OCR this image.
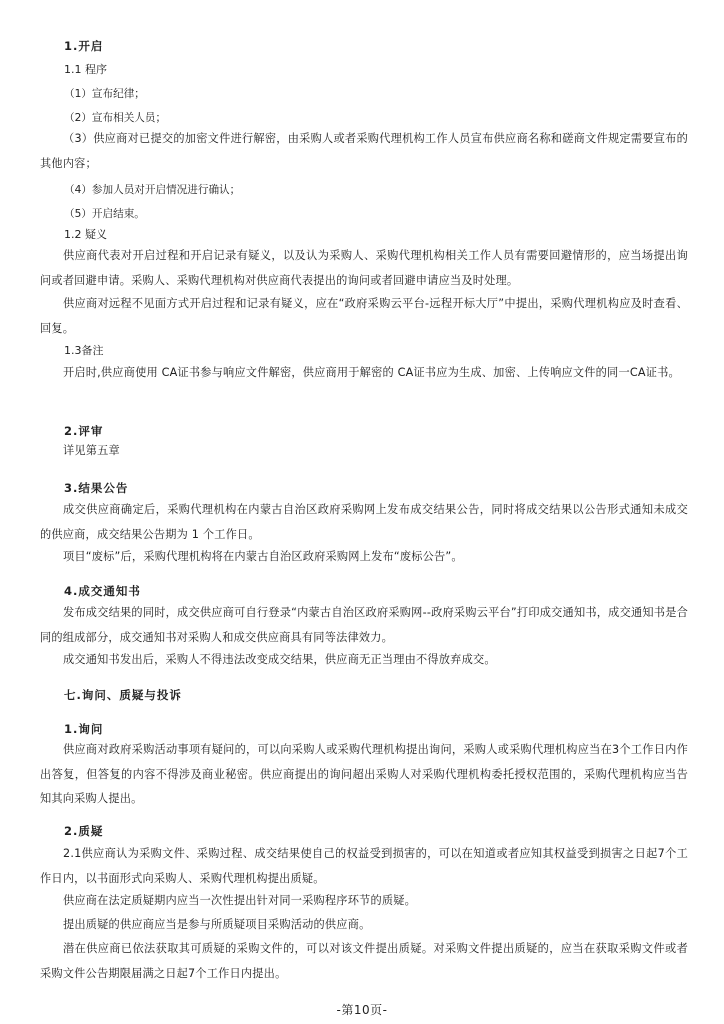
1.开启
1.1 程序
（1）宣布纪律；
（2）宣布相关人员；
（3）供应商对已提交的加密文件进行解密，由采购人或者采购代理机构工作人员宣布供应商名称和磋商文件规定需要宣布的其他内容；
（4）参加人员对开启情况进行确认；
（5）开启结束。
1.2 疑义
供应商代表对开启过程和开启记录有疑义，以及认为采购人、采购代理机构相关工作人员有需要回避情形的，应当场提出询问或者回避申请。采购人、采购代理机构对供应商代表提出的询问或者回避申请应当及时处理。
供应商对远程不见面方式开启过程和记录有疑义，应在“政府采购云平台-远程开标大厅”中提出，采购代理机构应及时查看、回复。
1.3备注
开启时,供应商使用 CA证书参与响应文件解密，供应商用于解密的 CA证书应为生成、加密、上传响应文件的同一CA证书。
2.评审
详见第五章
3.结果公告
成交供应商确定后，采购代理机构在内蒙古自治区政府采购网上发布成交结果公告，同时将成交结果以公告形式通知未成交的供应商，成交结果公告期为 1 个工作日。
项目“废标”后，采购代理机构将在内蒙古自治区政府采购网上发布“废标公告”。
4.成交通知书
发布成交结果的同时，成交供应商可自行登录“内蒙古自治区政府采购网--政府采购云平台”打印成交通知书，成交通知书是合同的组成部分，成交通知书对采购人和成交供应商具有同等法律效力。
成交通知书发出后，采购人不得违法改变成交结果，供应商无正当理由不得放弃成交。
七.询问、质疑与投诉
1.询问
供应商对政府采购活动事项有疑问的，可以向采购人或采购代理机构提出询问，采购人或采购代理机构应当在3个工作日内作出答复，但答复的内容不得涉及商业秘密。供应商提出的询问超出采购人对采购代理机构委托授权范围的，采购代理机构应当告知其向采购人提出。
2.质疑
2.1供应商认为采购文件、采购过程、成交结果使自己的权益受到损害的，可以在知道或者应知其权益受到损害之日起7个工作日内，以书面形式向采购人、采购代理机构提出质疑。
供应商在法定质疑期内应当一次性提出针对同一采购程序环节的质疑。
提出质疑的供应商应当是参与所质疑项目采购活动的供应商。
潜在供应商已依法获取其可质疑的采购文件的，可以对该文件提出质疑。对采购文件提出质疑的，应当在获取采购文件或者采购文件公告期限届满之日起7个工作日内提出。
-第10页-
